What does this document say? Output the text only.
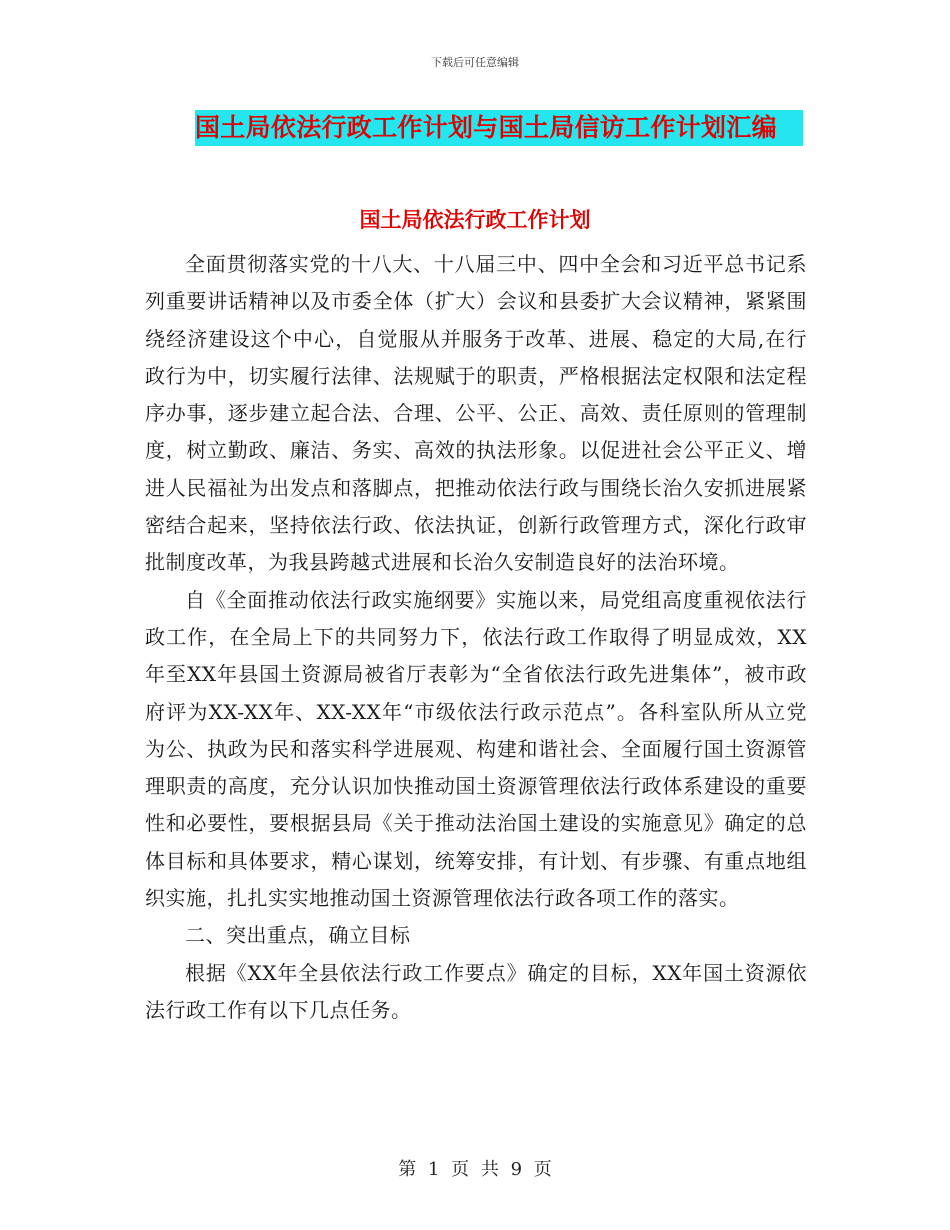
下载后可任意编辑
国土局依法行政工作计划与国土局信访工作计划汇编
国土局依法行政工作计划

全面贯彻落实党的十八大、十八届三中、四中全会和习近平总书记系列重要讲话精神以及市委全体（扩大）会议和县委扩大会议精神，紧紧围绕经济建设这个中心，自觉服从并服务于改革、进展、稳定的大局,在行政行为中，切实履行法律、法规赋于的职责，严格根据法定权限和法定程序办事，逐步建立起合法、合理、公平、公正、高效、责任原则的管理制度，树立勤政、廉洁、务实、高效的执法形象。以促进社会公平正义、增进人民福祉为出发点和落脚点，把推动依法行政与围绕长治久安抓进展紧密结合起来，坚持依法行政、依法执证，创新行政管理方式，深化行政审批制度改革，为我县跨越式进展和长治久安制造良好的法治环境。

自《全面推动依法行政实施纲要》实施以来，局党组高度重视依法行政工作，在全局上下的共同努力下，依法行政工作取得了明显成效，XX年至XX年县国土资源局被省厅表彰为“全省依法行政先进集体”，被市政府评为XX-XX年、XX-XX年“市级依法行政示范点”。各科室队所从立党为公、执政为民和落实科学进展观、构建和谐社会、全面履行国土资源管理职责的高度，充分认识加快推动国土资源管理依法行政体系建设的重要性和必要性，要根据县局《关于推动法治国土建设的实施意见》确定的总体目标和具体要求，精心谋划，统筹安排，有计划、有步骤、有重点地组织实施，扎扎实实地推动国土资源管理依法行政各项工作的落实。

二、突出重点，确立目标

根据《XX年全县依法行政工作要点》确定的目标，XX年国土资源依法行政工作有以下几点任务。

第 1 页 共 9 页
